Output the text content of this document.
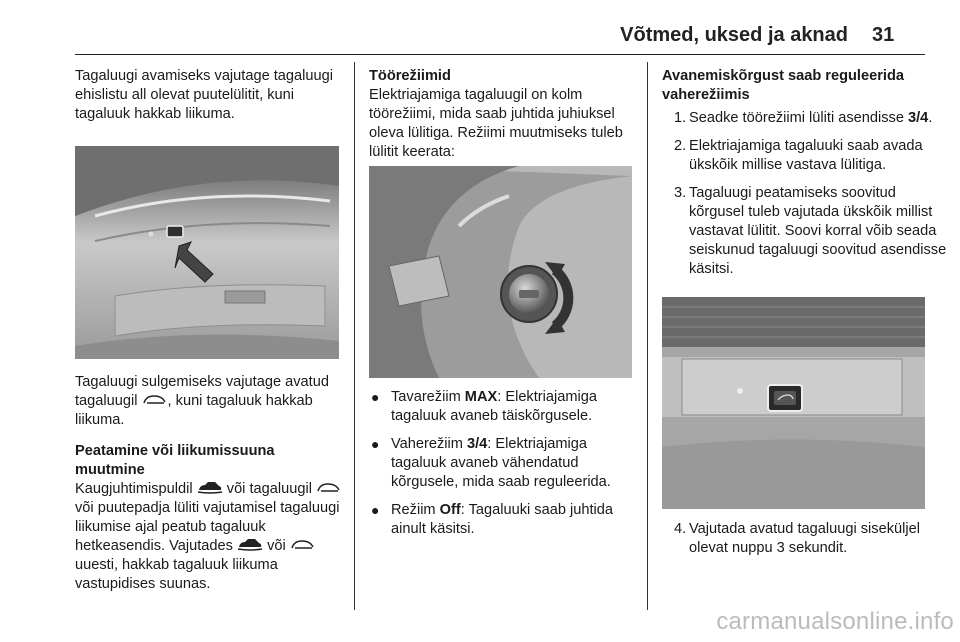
Võtmed, uksed ja aknad 31

Tagaluugi avamiseks vajutage tagaluugi ehislistu all olevat puutelülitit, kuni tagaluuk hakkab liikuma.

Tagaluugi sulgemiseks vajutage avatud tagaluugil , kuni tagaluuk hakkab liikuma.

Peatamine või liikumissuuna muutmine

Kaugjuhtimispuldil või tagaluugil
või puutepadja lüliti vajutamisel tagaluugi liikumise ajal peatub tagaluuk hetkeasendis. Vajutades või
uuesti, hakkab tagaluuk liikuma vastupidises suunas.

Töörežiimid

Elektriajamiga tagaluugil on kolm töörežiimi, mida saab juhtida juhiuksel oleva lülitiga. Režiimi muutmiseks tuleb lülitit keerata:

● Tavarežiim MAX: Elektriajamiga tagaluuk avaneb täiskõrgusele.
● Vaherežiim 3/4: Elektriajamiga tagaluuk avaneb vähendatud kõrgusele, mida saab reguleerida.
● Režiim Off: Tagaluuki saab juhtida ainult käsitsi.

Avanemiskõrgust saab reguleerida vaherežiimis

1. Seadke töörežiimi lüliti asendisse 3/4.
2. Elektriajamiga tagaluuki saab avada ükskõik millise vastava lülitiga.
3. Tagaluugi peatamiseks soovitud kõrgusel tuleb vajutada ükskõik millist vastavat lülitit. Soovi korral võib seada seiskunud tagaluugi soovitud asendisse käsitsi.
4. Vajutada avatud tagaluugi siseküljel olevat nuppu 3 sekundit.
carmanualsonline.info
